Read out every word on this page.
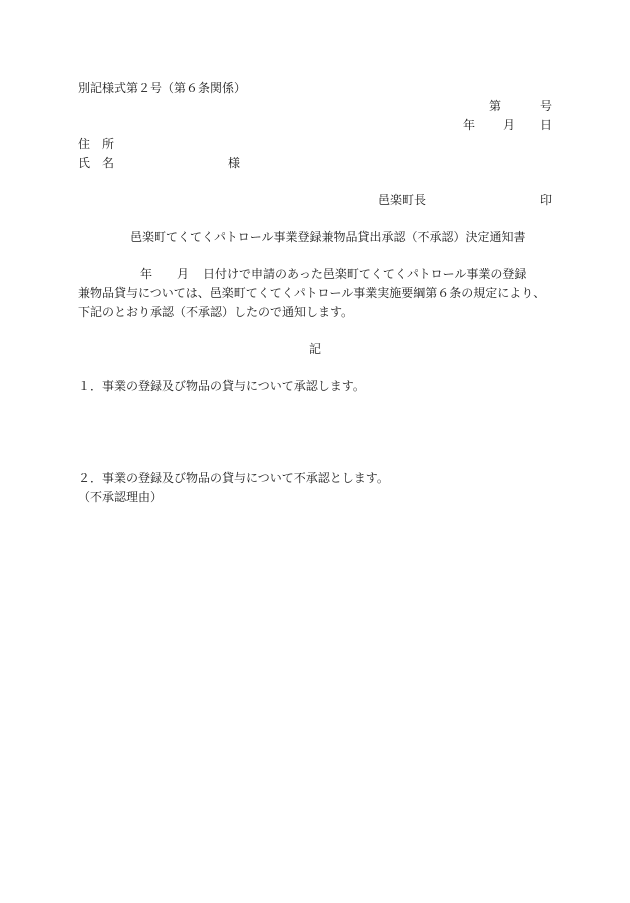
別記様式第２号（第６条関係）
第	号
年 月 日
住　所
氏　名	様
邑楽町長	印
邑楽町てくてくパトロール事業登録兼物品貸出承認（不承認）決定通知書
年 月 日付けで申請のあった邑楽町てくてくパトロール事業の登録
兼物品貸与については、邑楽町てくてくパトロール事業実施要綱第６条の規定により、
下記のとおり承認（不承認）したので通知します。
記
１．事業の登録及び物品の貸与について承認します。
２．事業の登録及び物品の貸与について不承認とします。
（不承認理由）
